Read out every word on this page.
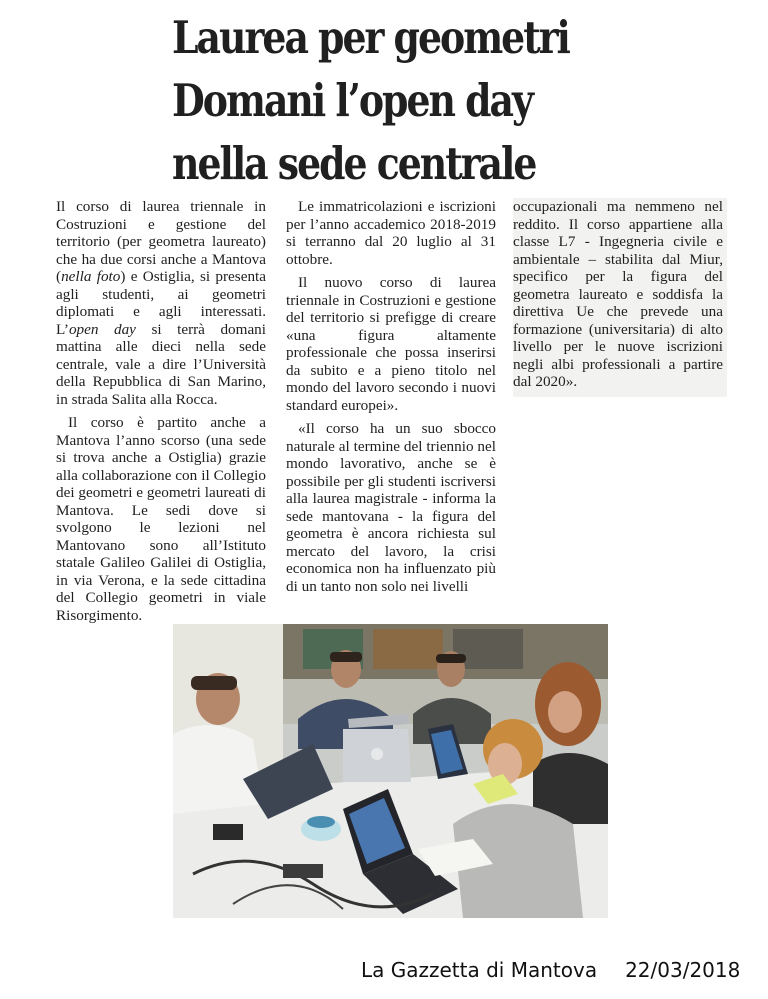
Laurea per geometri
Domani l’open day
nella sede centrale

Il corso di laurea triennale in Costruzioni e gestione del territorio (per geometra laureato) che ha due corsi anche a Mantova (nella foto) e Ostiglia, si presenta agli studenti, ai geometri diplomati e agli interessati. L’open day si terrà domani mattina alle dieci nella sede centrale, vale a dire l’Università della Repubblica di San Marino, in strada Salita alla Rocca.

Il corso è partito anche a Mantova l’anno scorso (una sede si trova anche a Ostiglia) grazie alla collaborazione con il Collegio dei geometri e geometri laureati di Mantova. Le sedi dove si svolgono le lezioni nel Mantovano sono all’Istituto statale Galileo Galilei di Ostiglia, in via Verona, e la sede cittadina del Collegio geometri in viale Risorgimento.

Le immatricolazioni e iscrizioni per l’anno accademico 2018-2019 si terranno dal 20 luglio al 31 ottobre.

Il nuovo corso di laurea triennale in Costruzioni e gestione del territorio si prefigge di creare «una figura altamente professionale che possa inserirsi da subito e a pieno titolo nel mondo del lavoro secondo i nuovi standard europei».

«Il corso ha un suo sbocco naturale al termine del triennio nel mondo lavorativo, anche se è possibile per gli studenti iscriversi alla laurea magistrale - informa la sede mantovana - la figura del geometra è ancora richiesta sul mercato del lavoro, la crisi economica non ha influenzato più di un tanto non solo nei livelli

occupazionali ma nemmeno nel reddito. Il corso appartiene alla classe L7 - Ingegneria civile e ambientale – stabilita dal Miur, specifico per la figura del geometra laureato e soddisfa la direttiva Ue che prevede una formazione (universitaria) di alto livello per le nuove iscrizioni negli albi professionali a partire dal 2020».

La Gazzetta di Mantova 22/03/2018
